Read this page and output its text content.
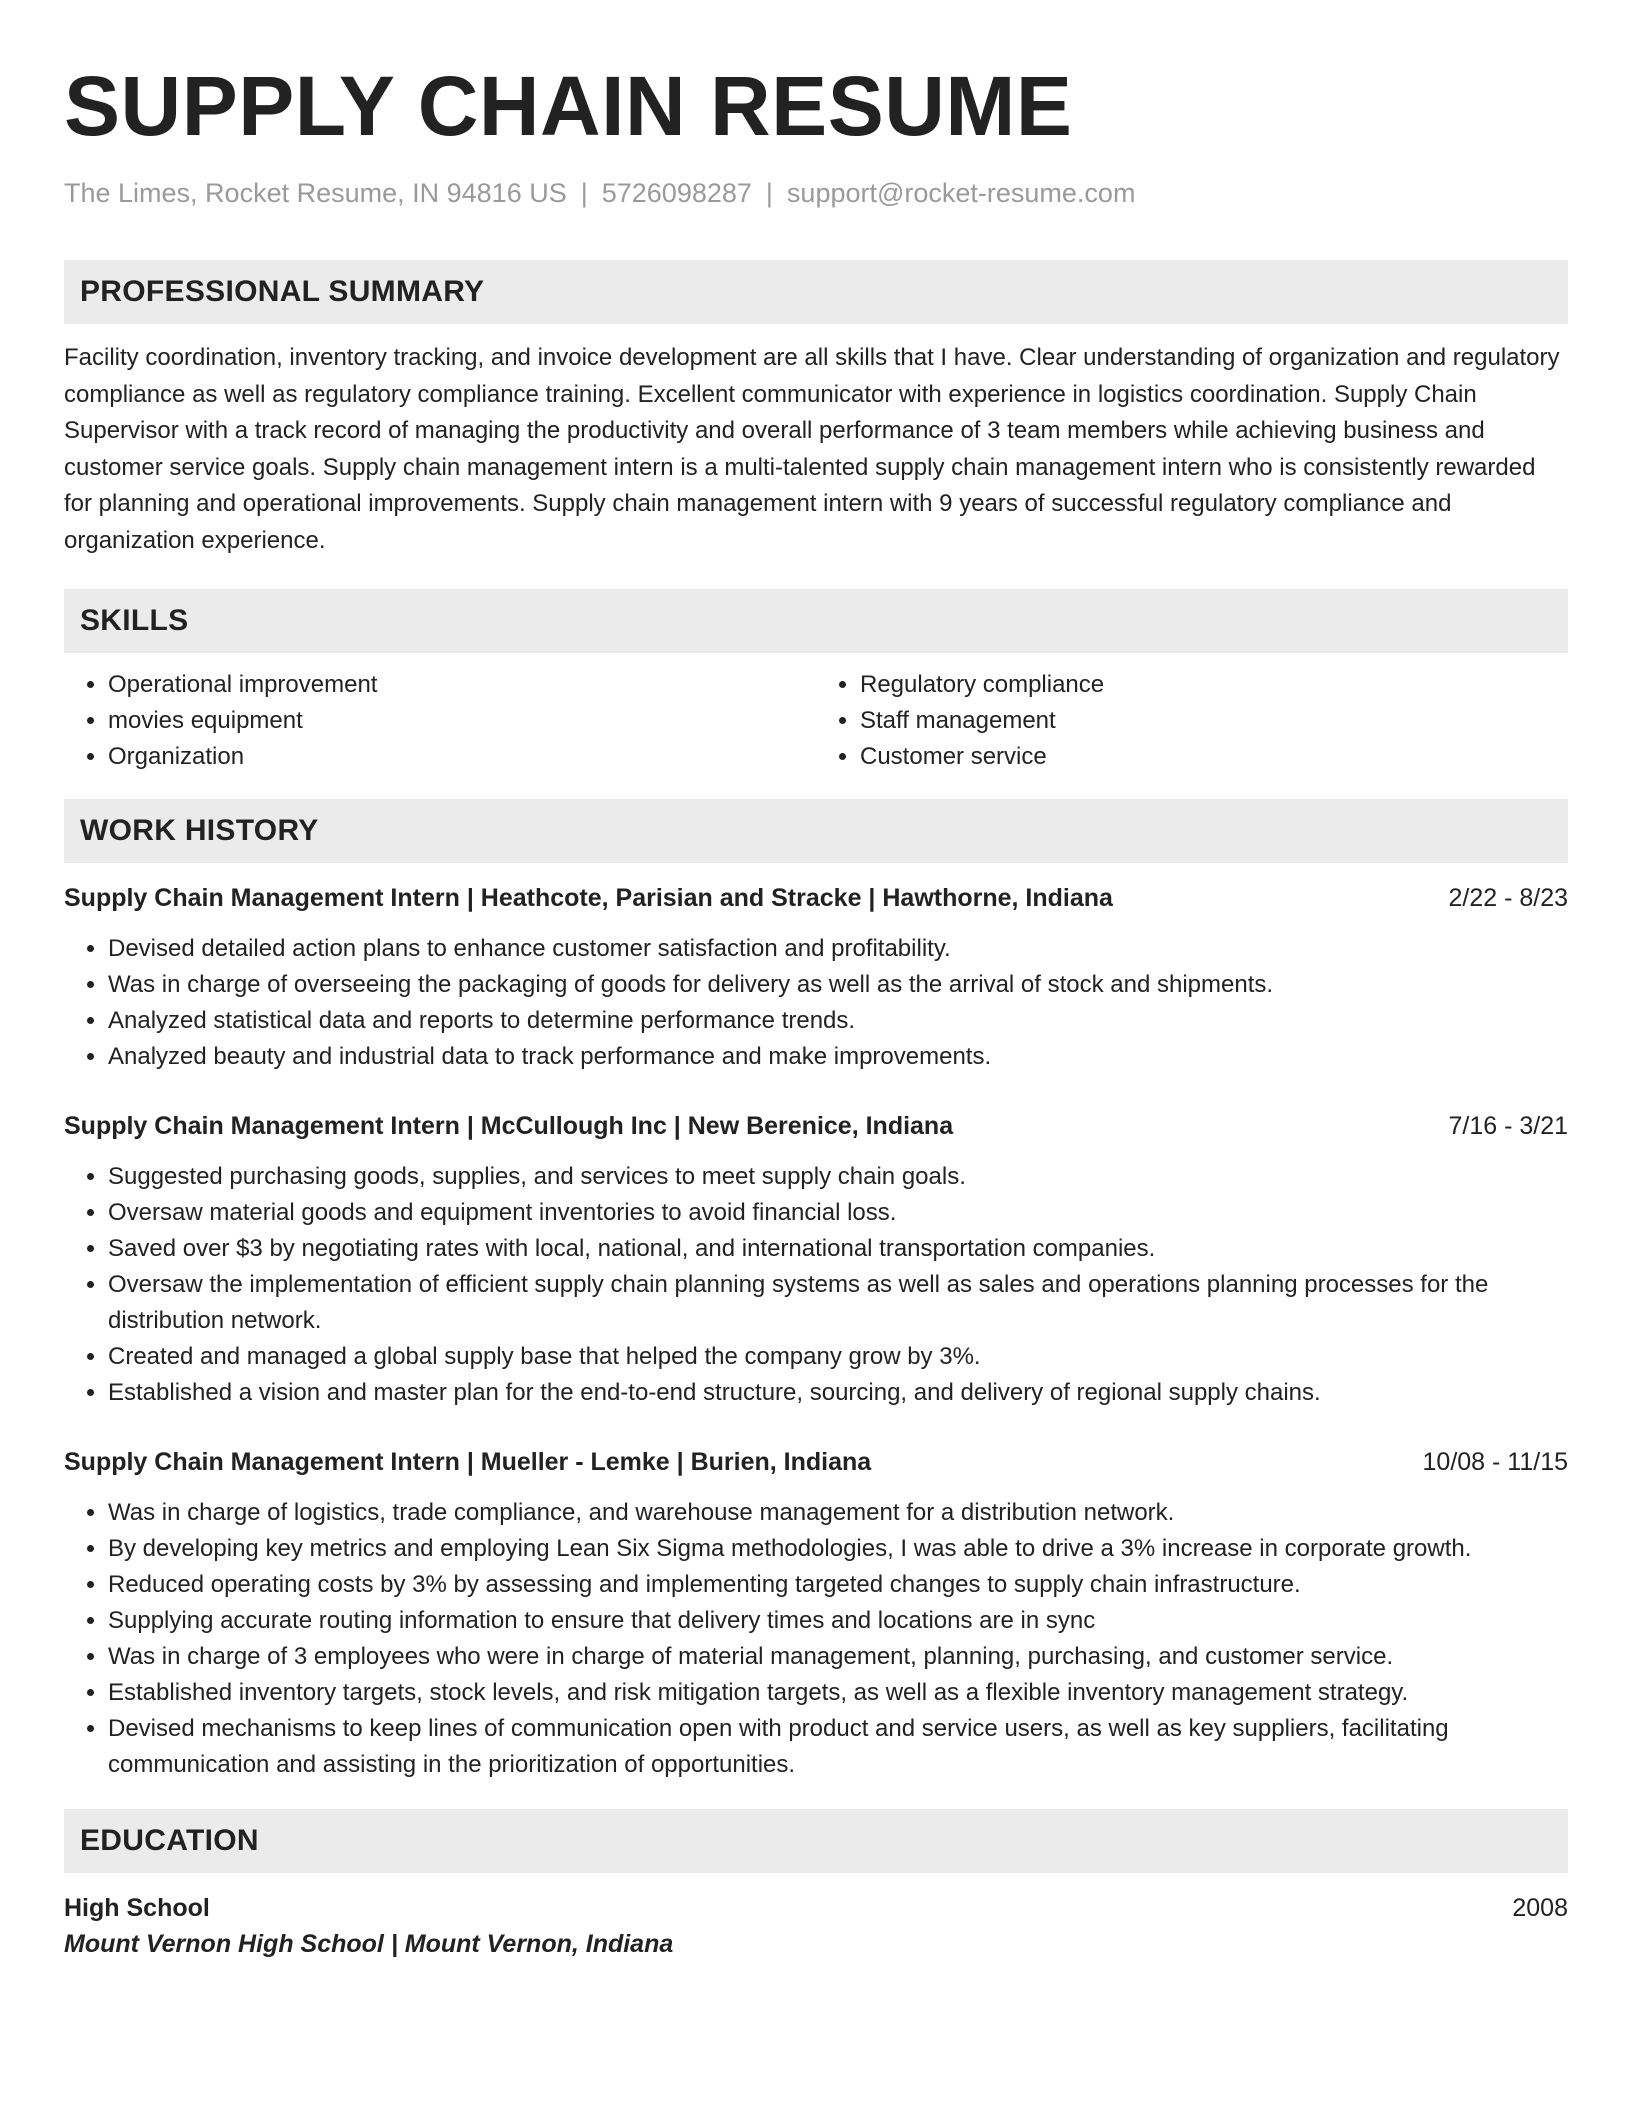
SUPPLY CHAIN RESUME
The Limes, Rocket Resume, IN 94816 US | 5726098287 | support@rocket-resume.com
PROFESSIONAL SUMMARY

Facility coordination, inventory tracking, and invoice development are all skills that I have. Clear understanding of organization and regulatory compliance as well as regulatory compliance training. Excellent communicator with experience in logistics coordination. Supply Chain Supervisor with a track record of managing the productivity and overall performance of 3 team members while achieving business and customer service goals. Supply chain management intern is a multi-talented supply chain management intern who is consistently rewarded for planning and operational improvements. Supply chain management intern with 9 years of successful regulatory compliance and organization experience.

SKILLS
• Operational improvement
• movies equipment
• Organization
• Regulatory compliance
• Staff management
• Customer service
WORK HISTORY
Supply Chain Management Intern | Heathcote, Parisian and Stracke | Hawthorne, Indiana	2/22 - 8/23
• Devised detailed action plans to enhance customer satisfaction and profitability.
• Was in charge of overseeing the packaging of goods for delivery as well as the arrival of stock and shipments.
• Analyzed statistical data and reports to determine performance trends.
• Analyzed beauty and industrial data to track performance and make improvements.
Supply Chain Management Intern | McCullough Inc | New Berenice, Indiana	7/16 - 3/21
• Suggested purchasing goods, supplies, and services to meet supply chain goals.
• Oversaw material goods and equipment inventories to avoid financial loss.
• Saved over $3 by negotiating rates with local, national, and international transportation companies.
• Oversaw the implementation of efficient supply chain planning systems as well as sales and operations planning processes for the distribution network.
• Created and managed a global supply base that helped the company grow by 3%.
• Established a vision and master plan for the end-to-end structure, sourcing, and delivery of regional supply chains.
Supply Chain Management Intern | Mueller - Lemke | Burien, Indiana	10/08 - 11/15
• Was in charge of logistics, trade compliance, and warehouse management for a distribution network.
• By developing key metrics and employing Lean Six Sigma methodologies, I was able to drive a 3% increase in corporate growth.
• Reduced operating costs by 3% by assessing and implementing targeted changes to supply chain infrastructure.
• Supplying accurate routing information to ensure that delivery times and locations are in sync
• Was in charge of 3 employees who were in charge of material management, planning, purchasing, and customer service.
• Established inventory targets, stock levels, and risk mitigation targets, as well as a flexible inventory management strategy.
• Devised mechanisms to keep lines of communication open with product and service users, as well as key suppliers, facilitating communication and assisting in the prioritization of opportunities.
EDUCATION
High School	2008
Mount Vernon High School | Mount Vernon, Indiana
